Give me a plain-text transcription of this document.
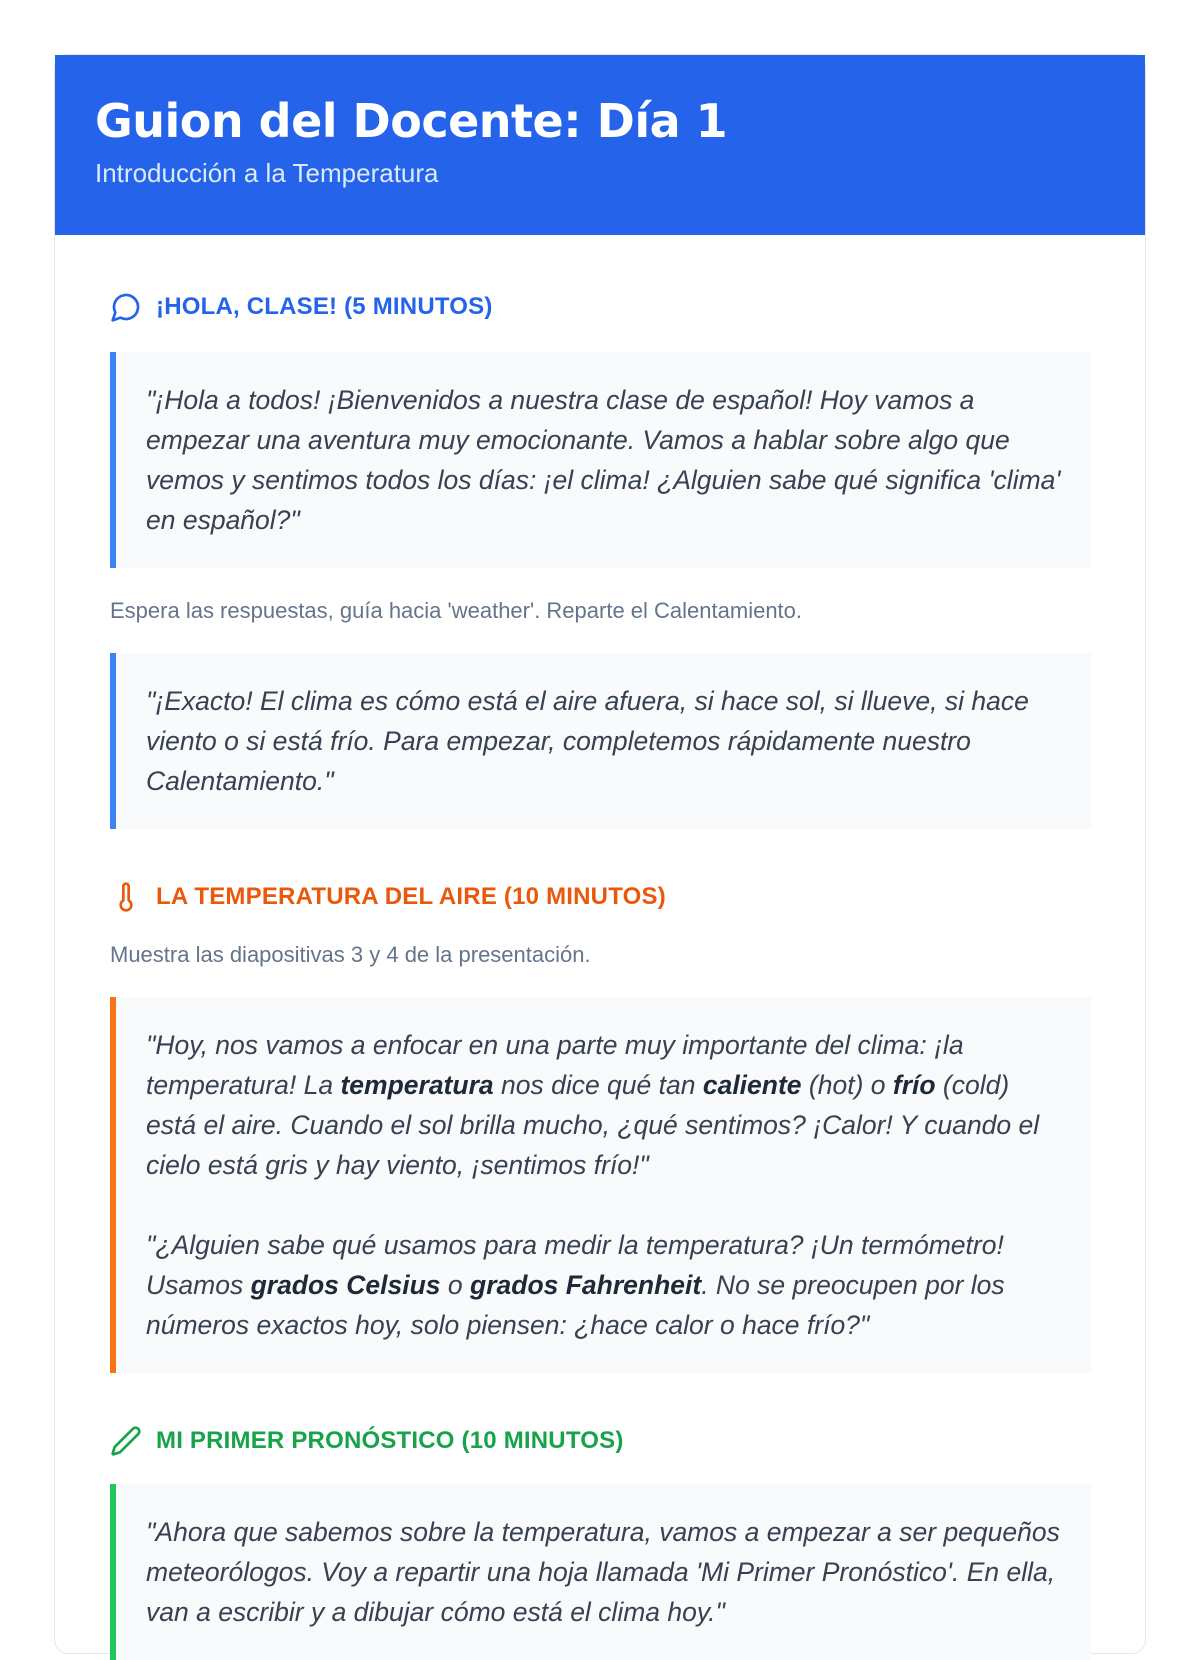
Guion del Docente: Día 1

Introducción a la Temperatura

¡HOLA, CLASE! (5 MINUTOS)

"¡Hola a todos! ¡Bienvenidos a nuestra clase de español! Hoy vamos a empezar una aventura muy emocionante. Vamos a hablar sobre algo que vemos y sentimos todos los días: ¡el clima! ¿Alguien sabe qué significa 'clima' en español?"

Espera las respuestas, guía hacia 'weather'. Reparte el Calentamiento.

"¡Exacto! El clima es cómo está el aire afuera, si hace sol, si llueve, si hace viento o si está frío. Para empezar, completemos rápidamente nuestro Calentamiento."

LA TEMPERATURA DEL AIRE (10 MINUTOS)

Muestra las diapositivas 3 y 4 de la presentación.

"Hoy, nos vamos a enfocar en una parte muy importante del clima: ¡la temperatura! La temperatura nos dice qué tan caliente (hot) o frío (cold) está el aire. Cuando el sol brilla mucho, ¿qué sentimos? ¡Calor! Y cuando el cielo está gris y hay viento, ¡sentimos frío!"

"¿Alguien sabe qué usamos para medir la temperatura? ¡Un termómetro! Usamos grados Celsius o grados Fahrenheit. No se preocupen por los números exactos hoy, solo piensen: ¿hace calor o hace frío?"

MI PRIMER PRONÓSTICO (10 MINUTOS)

"Ahora que sabemos sobre la temperatura, vamos a empezar a ser pequeños meteorólogos. Voy a repartir una hoja llamada 'Mi Primer Pronóstico'. En ella, van a escribir y a dibujar cómo está el clima hoy."
